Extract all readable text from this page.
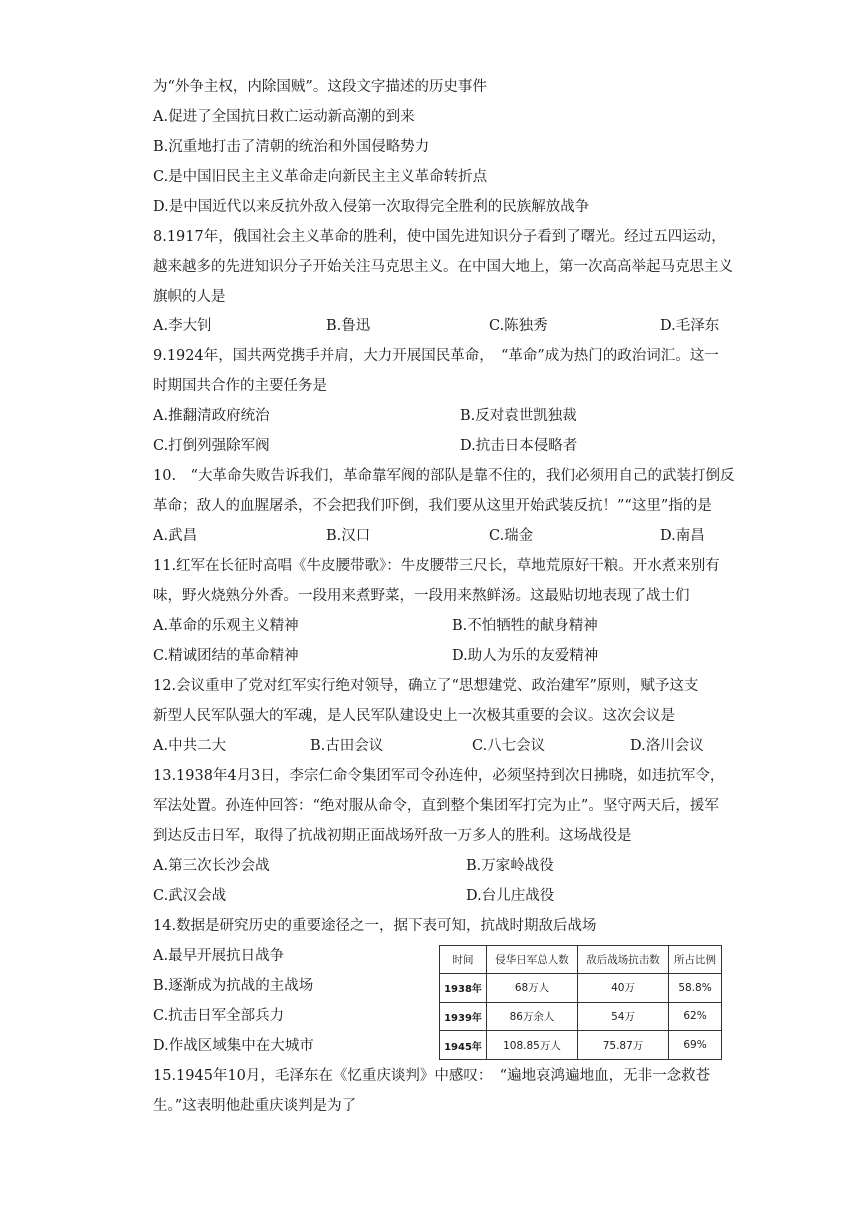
为“外争主权，内除国贼”。这段文字描述的历史事件
A.促进了全国抗日救亡运动新高潮的到来
B.沉重地打击了清朝的统治和外国侵略势力
C.是中国旧民主主义革命走向新民主主义革命转折点
D.是中国近代以来反抗外敌入侵第一次取得完全胜利的民族解放战争
8.1917年，俄国社会主义革命的胜利，使中国先进知识分子看到了曙光。经过五四运动，
越来越多的先进知识分子开始关注马克思主义。在中国大地上，第一次高高举起马克思主义
旗帜的人是
A.李大钊	B.鲁迅	C.陈独秀	D.毛泽东
9.1924年，国共两党携手并肩，大力开展国民革命，　“革命”成为热门的政治词汇。这一
时期国共合作的主要任务是
A.推翻清政府统治	B.反对袁世凯独裁
C.打倒列强除军阀	D.抗击日本侵略者
10.　“大革命失败告诉我们，革命靠军阀的部队是靠不住的，我们必须用自己的武装打倒反
革命；敌人的血腥屠杀，不会把我们吓倒，我们要从这里开始武装反抗！”“这里”指的是
A.武昌	B.汉口	C.瑞金	D.南昌
11.红军在长征时高唱《牛皮腰带歌》：牛皮腰带三尺长，草地荒原好干粮。开水煮来别有
味，野火烧熟分外香。一段用来煮野菜，一段用来熬鲜汤。这最贴切地表现了战士们
A.革命的乐观主义精神	B.不怕牺牲的献身精神
C.精诚团结的革命精神	D.助人为乐的友爱精神
12.会议重申了党对红军实行绝对领导，确立了“思想建党、政治建军”原则，赋予这支
新型人民军队强大的军魂，是人民军队建设史上一次极其重要的会议。这次会议是
A.中共二大	B.古田会议	C.八七会议	D.洛川会议
13.1938年4月3日，李宗仁命令集团军司令孙连仲，必须坚持到次日拂晓，如违抗军令，
军法处置。孙连仲回答：“绝对服从命令，直到整个集团军打完为止”。坚守两天后，援军
到达反击日军，取得了抗战初期正面战场歼敌一万多人的胜利。这场战役是
A.第三次长沙会战	B.万家岭战役
C.武汉会战	D.台儿庄战役
14.数据是研究历史的重要途径之一，据下表可知，抗战时期敌后战场
A.最早开展抗日战争
B.逐渐成为抗战的主战场
C.抗击日军全部兵力
D.作战区域集中在大城市
时间	侵华日军总人数	敌后战场抗击数	所占比例
1938年	68万人	40万	58.8%
1939年	86万余人	54万	62%
1945年	108.85万人	75.87万	69%
15.1945年10月，毛泽东在《忆重庆谈判》中感叹：　“遍地哀鸿遍地血，无非一念救苍
生。”这表明他赴重庆谈判是为了
